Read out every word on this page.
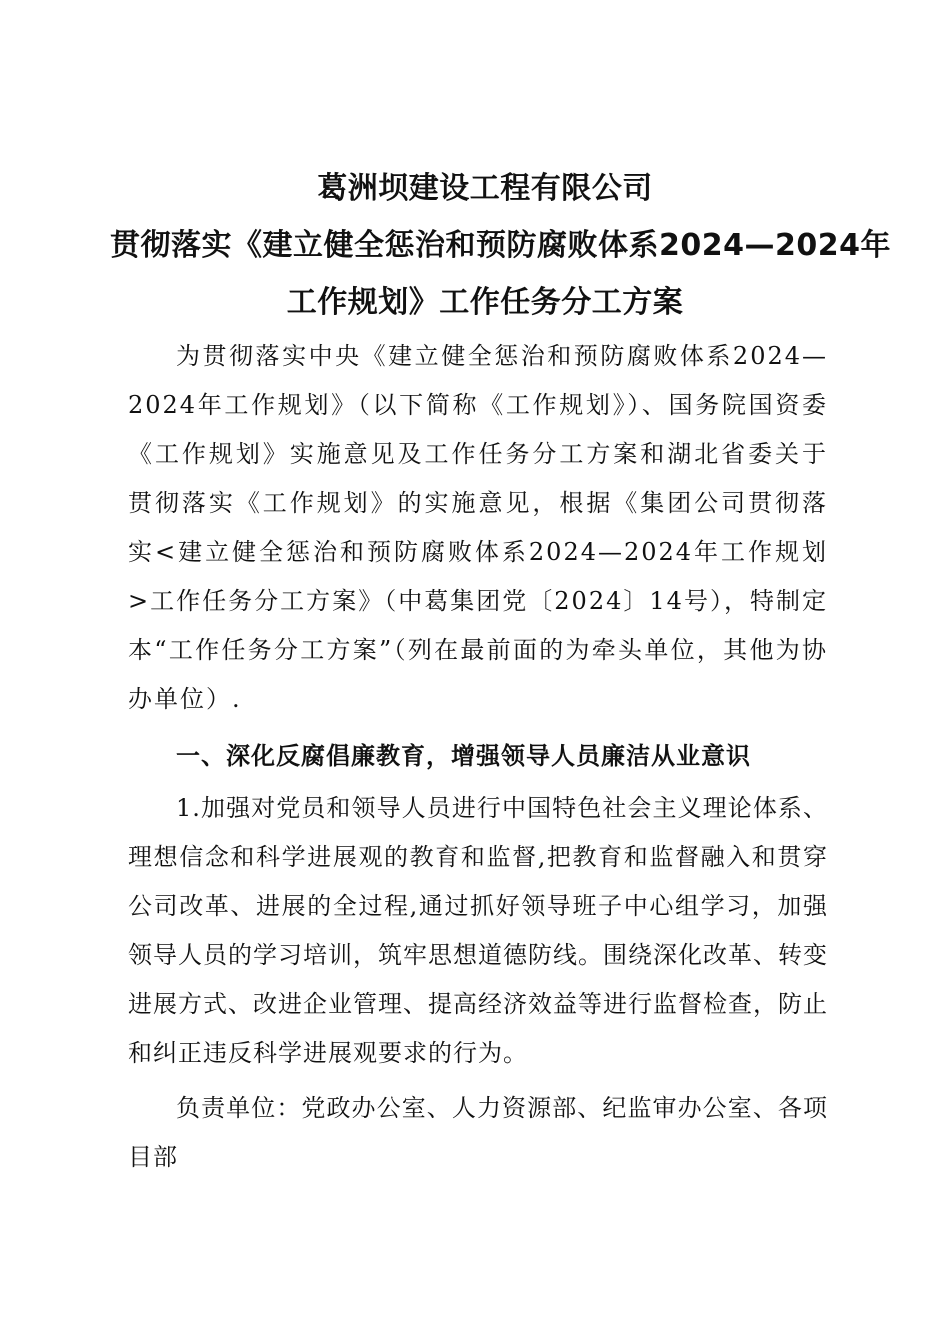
葛洲坝建设工程有限公司
贯彻落实《建立健全惩治和预防腐败体系2024—2024年
工作规划》工作任务分工方案

为贯彻落实中央《建立健全惩治和预防腐败体系2024—2024年工作规划》（以下简称《工作规划》）、国务院国资委《工作规划》实施意见及工作任务分工方案和湖北省委关于贯彻落实《工作规划》的实施意见，根据《集团公司贯彻落实<建立健全惩治和预防腐败体系2024—2024年工作规划>工作任务分工方案》（中葛集团党〔2024〕14号），特制定本“工作任务分工方案”（列在最前面的为牵头单位，其他为协办单位）.

一、深化反腐倡廉教育，增强领导人员廉洁从业意识

1.加强对党员和领导人员进行中国特色社会主义理论体系、理想信念和科学进展观的教育和监督,把教育和监督融入和贯穿公司改革、进展的全过程,通过抓好领导班子中心组学习，加强领导人员的学习培训，筑牢思想道德防线。围绕深化改革、转变进展方式、改进企业管理、提高经济效益等进行监督检查，防止和纠正违反科学进展观要求的行为。

负责单位：党政办公室、人力资源部、纪监审办公室、各项目部
